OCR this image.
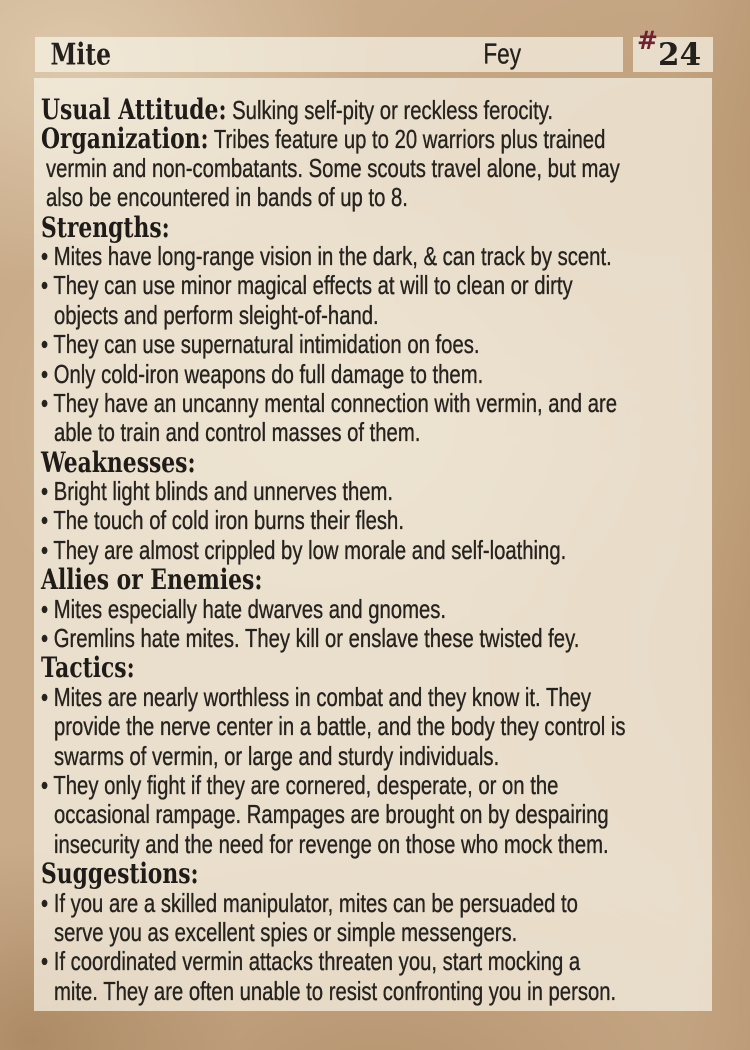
Mite	Fey	# 24
Usual Attitude: Sulking self-pity or reckless ferocity.
Organization: Tribes feature up to 20 warriors plus trained
vermin and non-combatants. Some scouts travel alone, but may
also be encountered in bands of up to 8.
Strengths:
• Mites have long-range vision in the dark, & can track by scent.
• They can use minor magical effects at will to clean or dirty
objects and perform sleight-of-hand.
• They can use supernatural intimidation on foes.
• Only cold-iron weapons do full damage to them.
• They have an uncanny mental connection with vermin, and are
able to train and control masses of them.
Weaknesses:
• Bright light blinds and unnerves them.
• The touch of cold iron burns their flesh.
• They are almost crippled by low morale and self-loathing.
Allies or Enemies:
• Mites especially hate dwarves and gnomes.
• Gremlins hate mites. They kill or enslave these twisted fey.
Tactics:
• Mites are nearly worthless in combat and they know it. They
provide the nerve center in a battle, and the body they control is
swarms of vermin, or large and sturdy individuals.
• They only fight if they are cornered, desperate, or on the
occasional rampage. Rampages are brought on by despairing
insecurity and the need for revenge on those who mock them.
Suggestions:
• If you are a skilled manipulator, mites can be persuaded to
serve you as excellent spies or simple messengers.
• If coordinated vermin attacks threaten you, start mocking a
mite. They are often unable to resist confronting you in person.
